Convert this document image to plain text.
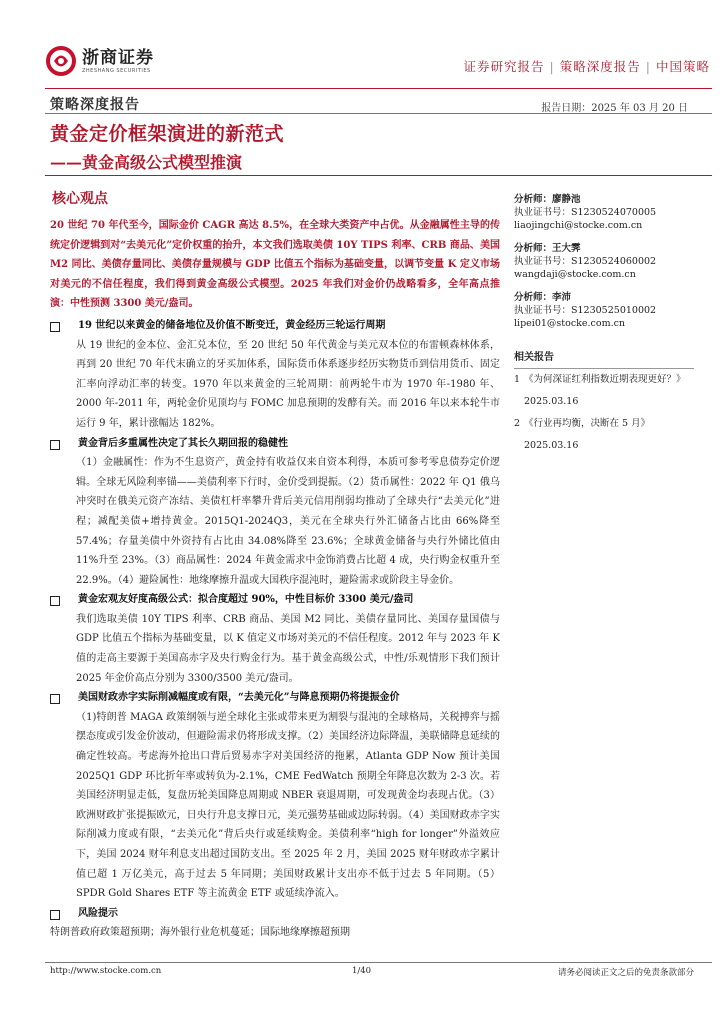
浙商证券
ZHESHANG SECURITIES	证券研究报告 | 策略深度报告 | 中国策略
策略深度报告	报告日期：2025 年 03 月 20 日
黄金定价框架演进的新范式
——黄金高级公式模型推演
核心观点

20 世纪 70 年代至今，国际金价 CAGR 高达 8.5%，在全球大类资产中占优。从金融属性主导的传统定价逻辑到对“去美元化”定价权重的抬升，本文我们选取美债 10Y TIPS 利率、CRB 商品、美国 M2 同比、美债存量同比、美债存量规模与 GDP 比值五个指标为基础变量，以调节变量 K 定义市场对美元的不信任程度，我们得到黄金高级公式模型。2025 年我们对金价仍战略看多，全年高点推演：中性预测 3300 美元/盎司。

19 世纪以来黄金的储备地位及价值不断变迁，黄金经历三轮运行周期

从 19 世纪的金本位、金汇兑本位，至 20 世纪 50 年代黄金与美元双本位的布雷顿森林体系，再到 20 世纪 70 年代末确立的牙买加体系，国际货币体系逐步经历实物货币到信用货币、固定汇率向浮动汇率的转变。1970 年以来黄金的三轮周期：前两轮牛市为 1970 年-1980 年、2000 年-2011 年，两轮金价见顶均与 FOMC 加息预期的发酵有关。而 2016 年以来本轮牛市运行 9 年，累计涨幅达 182%。

黄金背后多重属性决定了其长久期回报的稳健性

（1）金融属性：作为不生息资产，黄金持有收益仅来自资本利得，本质可参考零息债券定价逻辑。全球无风险利率锚——美债利率下行时，金价受到提振。（2）货币属性：2022 年 Q1 俄乌冲突时在俄美元资产冻结、美债杠杆率攀升背后美元信用削弱均推动了全球央行“去美元化”进程；减配美债+增持黄金。2015Q1-2024Q3，美元在全球央行外汇储备占比由 66%降至 57.4%；存量美债中外资持有占比由 34.08%降至 23.6%；全球黄金储备与央行外储比值由 11%升至 23%。（3）商品属性：2024 年黄金需求中金饰消费占比超 4 成，央行购金权重升至 22.9%。（4）避险属性：地缘摩擦升温或大国秩序混沌时，避险需求或阶段主导金价。

黄金宏观友好度高级公式：拟合度超过 90%，中性目标价 3300 美元/盎司

我们选取美债 10Y TIPS 利率、CRB 商品、美国 M2 同比、美债存量同比、美国存量国债与 GDP 比值五个指标为基础变量，以 K 值定义市场对美元的不信任程度。2012 年与 2023 年 K 值的走高主要源于美国高赤字及央行购金行为。基于黄金高级公式，中性/乐观情形下我们预计 2025 年金价高点分别为 3300/3500 美元/盎司。

美国财政赤字实际削减幅度或有限，“去美元化”与降息预期仍将提振金价

（1)特朗普 MAGA 政策纲领与逆全球化主张或带来更为割裂与混沌的全球格局，关税搏弈与摇摆态度或引发金价波动，但避险需求仍将形成支撑。（2）美国经济边际降温，美联储降息延续的确定性较高。考虑海外抢出口背后贸易赤字对美国经济的拖累，Atlanta GDP Now 预计美国 2025Q1 GDP 环比折年率或转负为-2.1%，CME FedWatch 预期全年降息次数为 2-3 次。若美国经济明显走低，复盘历轮美国降息周期或 NBER 衰退周期，可发现黄金均表现占优。（3）欧洲财政扩张提振欧元，日央行升息支撑日元，美元强势基础或边际转弱。（4）美国财政赤字实际削减力度或有限，“去美元化”背后央行或延续购金。美债利率“high for longer”外溢效应下，美国 2024 财年利息支出超过国防支出。至 2025 年 2 月，美国 2025 财年财政赤字累计值已超 1 万亿美元，高于过去 5 年同期；美国财政累计支出亦不低于过去 5 年同期。（5）SPDR Gold Shares ETF 等主流黄金 ETF 或延续净流入。

风险提示

特朗普政府政策超预期；海外银行业危机蔓延；国际地缘摩擦超预期

分析师：廖静池
执业证书号：S1230524070005
liaojingchi@stocke.com.cn
分析师：王大霁
执业证书号：S1230524060002
wangdaji@stocke.com.cn
分析师：李沛
执业证书号：S1230525010002
lipei01@stocke.com.cn
相关报告
1 《为何深证红利指数近期表现更好？》
2025.03.16
2 《行业再均衡，决断在 5 月》
2025.03.16
http://www.stocke.com.cn	1/40	请务必阅读正文之后的免责条款部分
